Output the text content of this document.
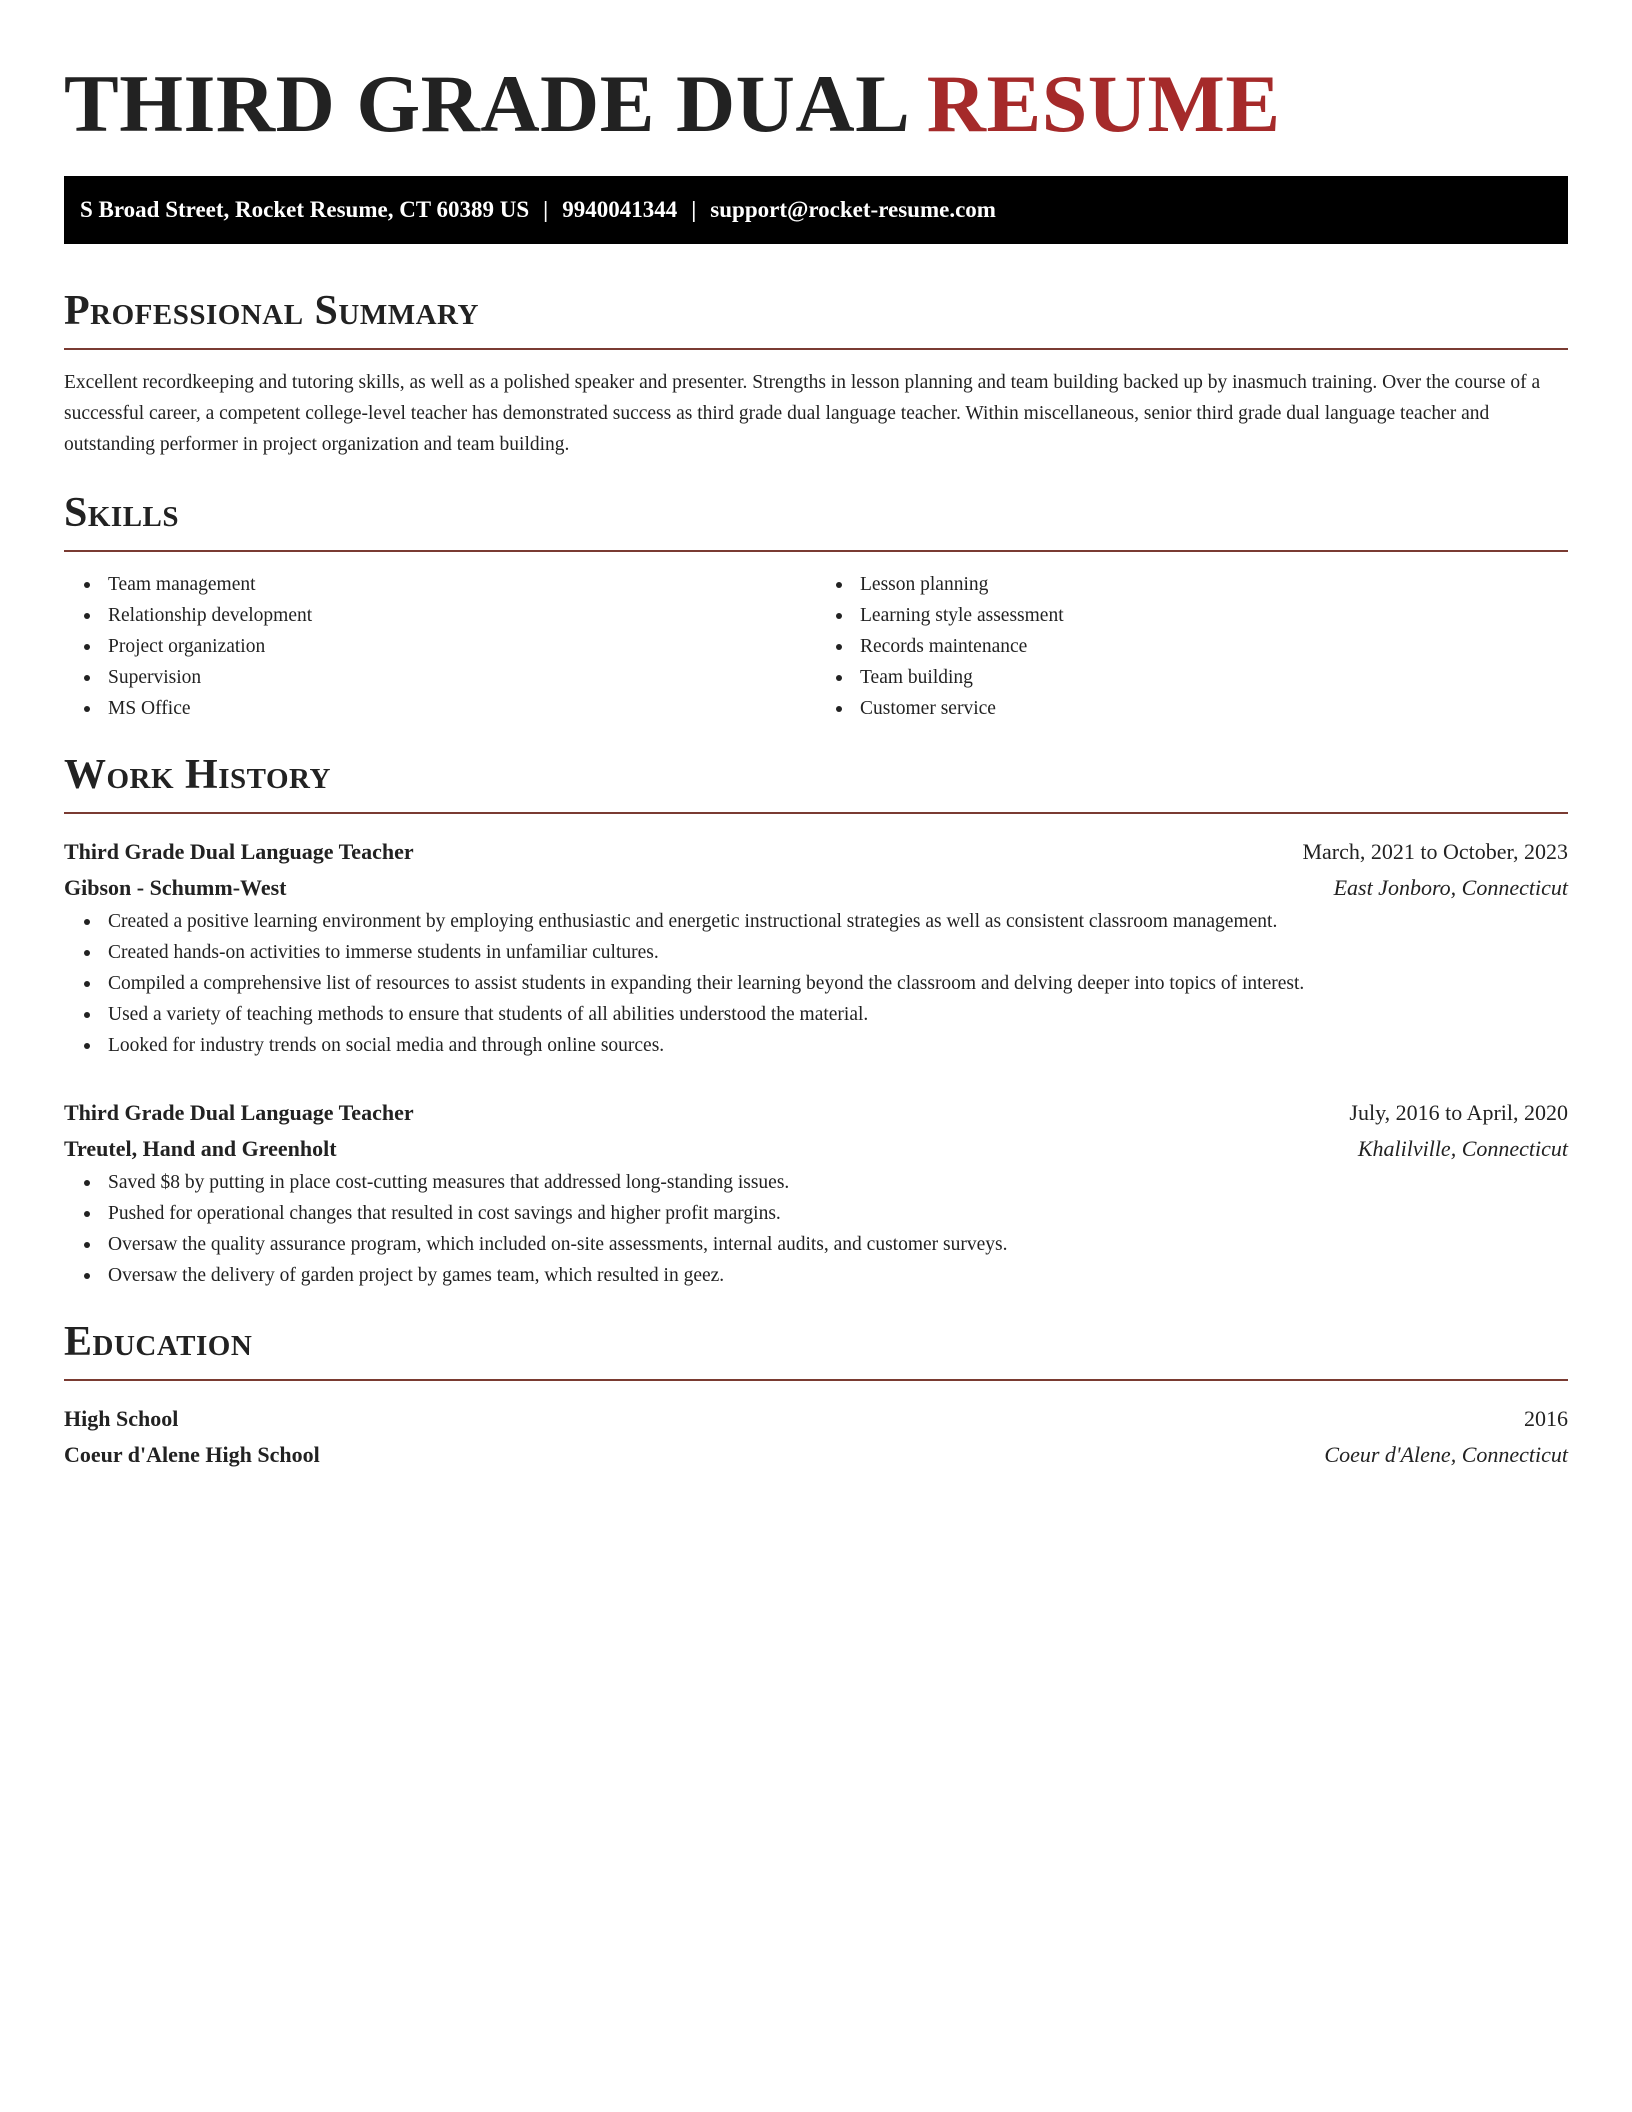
THIRD GRADE DUAL RESUME
S Broad Street, Rocket Resume, CT 60389 US | 9940041344 | support@rocket-resume.com
Professional Summary

Excellent recordkeeping and tutoring skills, as well as a polished speaker and presenter. Strengths in lesson planning and team building backed up by inasmuch training. Over the course of a successful career, a competent college-level teacher has demonstrated success as third grade dual language teacher. Within miscellaneous, senior third grade dual language teacher and outstanding performer in project organization and team building.

Skills
Team management
Relationship development
Project organization
Supervision
MS Office
Lesson planning
Learning style assessment
Records maintenance
Team building
Customer service
Work History
Third Grade Dual Language Teacher	March, 2021 to October, 2023
Gibson - Schumm-West	East Jonboro, Connecticut
Created a positive learning environment by employing enthusiastic and energetic instructional strategies as well as consistent classroom management.
Created hands-on activities to immerse students in unfamiliar cultures.
Compiled a comprehensive list of resources to assist students in expanding their learning beyond the classroom and delving deeper into topics of interest.
Used a variety of teaching methods to ensure that students of all abilities understood the material.
Looked for industry trends on social media and through online sources.
Third Grade Dual Language Teacher	July, 2016 to April, 2020
Treutel, Hand and Greenholt	Khalilville, Connecticut
Saved $8 by putting in place cost-cutting measures that addressed long-standing issues.
Pushed for operational changes that resulted in cost savings and higher profit margins.
Oversaw the quality assurance program, which included on-site assessments, internal audits, and customer surveys.
Oversaw the delivery of garden project by games team, which resulted in geez.
Education
High School	2016
Coeur d'Alene High School	Coeur d'Alene, Connecticut
